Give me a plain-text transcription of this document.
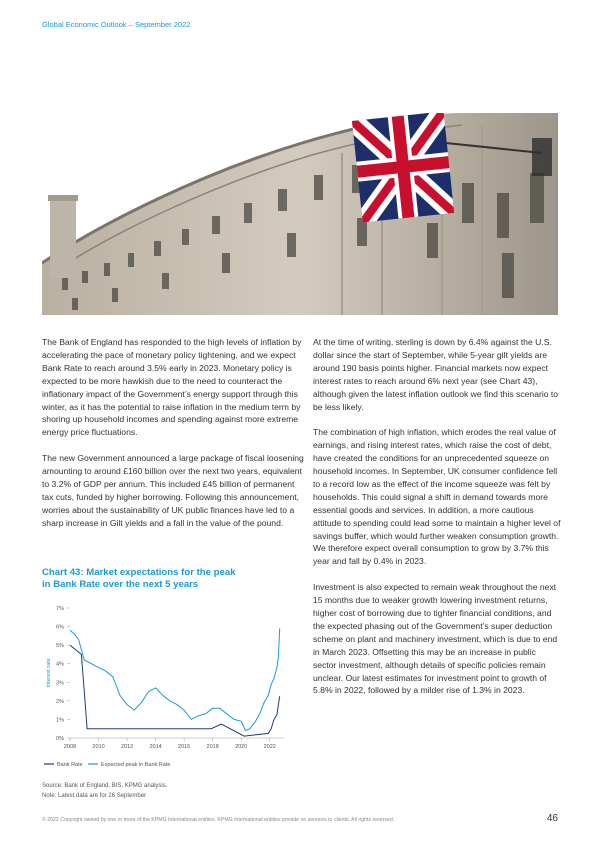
Global Economic Outlook – September 2022

The Bank of England has responded to the high levels of inflation by accelerating the pace of monetary policy tightening, and we expect Bank Rate to reach around 3.5% early in 2023. Monetary policy is expected to be more hawkish due to the need to counteract the inflationary impact of the Government’s energy support through this winter, as it has the potential to raise inflation in the medium term by shoring up household incomes and spending against more extreme energy price fluctuations.

The new Government announced a large package of fiscal loosening amounting to around £160 billion over the next two years, equivalent to 3.2% of GDP per annum. This included £45 billion of permanent tax cuts, funded by higher borrowing. Following this announcement, worries about the sustainability of UK public finances have led to a sharp increase in Gilt yields and a fall in the value of the pound.

Chart 43: Market expectations for the peak
in Bank Rate over the next 5 years
0%
1%
2%
3%
4%
5%
6%
7%
2008	2010	2012	2014	2016	2018	2020	2022
Interest rate
Bank Rate	Expected peak in Bank Rate
Source: Bank of England, BIS, KPMG analysis.
Note: Latest data are for 26 September

At the time of writing, sterling is down by 6.4% against the U.S. dollar since the start of September, while 5-year gilt yields are around 190 basis points higher. Financial markets now expect interest rates to reach around 6% next year (see Chart 43), although given the latest inflation outlook we find this scenario to be less likely.

The combination of high inflation, which erodes the real value of earnings, and rising interest rates, which raise the cost of debt, have created the conditions for an unprecedented squeeze on household incomes. In September, UK consumer confidence fell to a record low as the effect of the income squeeze was felt by households. This could signal a shift in demand towards more essential goods and services. In addition, a more cautious attitude to spending could lead some to maintain a higher level of savings buffer, which would further weaken consumption growth. We therefore expect overall consumption to grow by 3.7% this year and fall by 0.4% in 2023.

Investment is also expected to remain weak throughout the next 15 months due to weaker growth lowering investment returns, higher cost of borrowing due to tighter financial conditions, and the expected phasing out of the Government’s super deduction scheme on plant and machinery investment, which is due to end in March 2023. Offsetting this may be an increase in public sector investment, although details of specific policies remain unclear. Our latest estimates for investment point to growth of 5.8% in 2022, followed by a milder rise of 1.3% in 2023.

© 2022 Copyright owned by one or more of the KPMG International entities. KPMG International entities provide no services to clients. All rights reserved.	46
